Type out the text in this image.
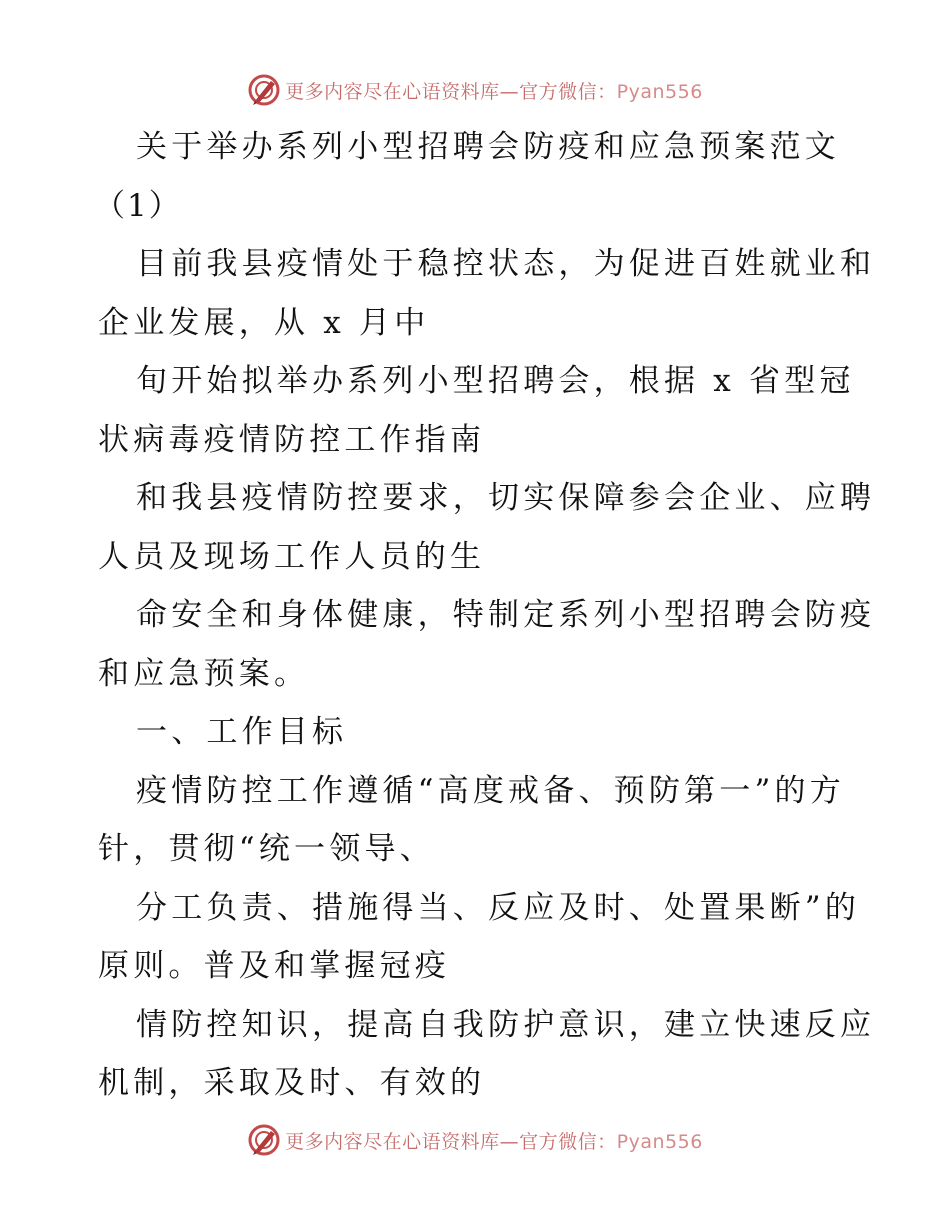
更多内容尽在心语资料库—官方微信：Pyan556
关于举办系列小型招聘会防疫和应急预案范文
（1）
目前我县疫情处于稳控状态，为促进百姓就业和
企业发展，从 x 月中
旬开始拟举办系列小型招聘会，根据 x 省型冠
状病毒疫情防控工作指南
和我县疫情防控要求，切实保障参会企业、应聘
人员及现场工作人员的生
命安全和身体健康，特制定系列小型招聘会防疫
和应急预案。
一、工作目标
疫情防控工作遵循“高度戒备、预防第一”的方
针，贯彻“统一领导、
分工负责、措施得当、反应及时、处置果断”的
原则。普及和掌握冠疫
情防控知识，提高自我防护意识，建立快速反应
机制，采取及时、有效的
更多内容尽在心语资料库—官方微信：Pyan556
